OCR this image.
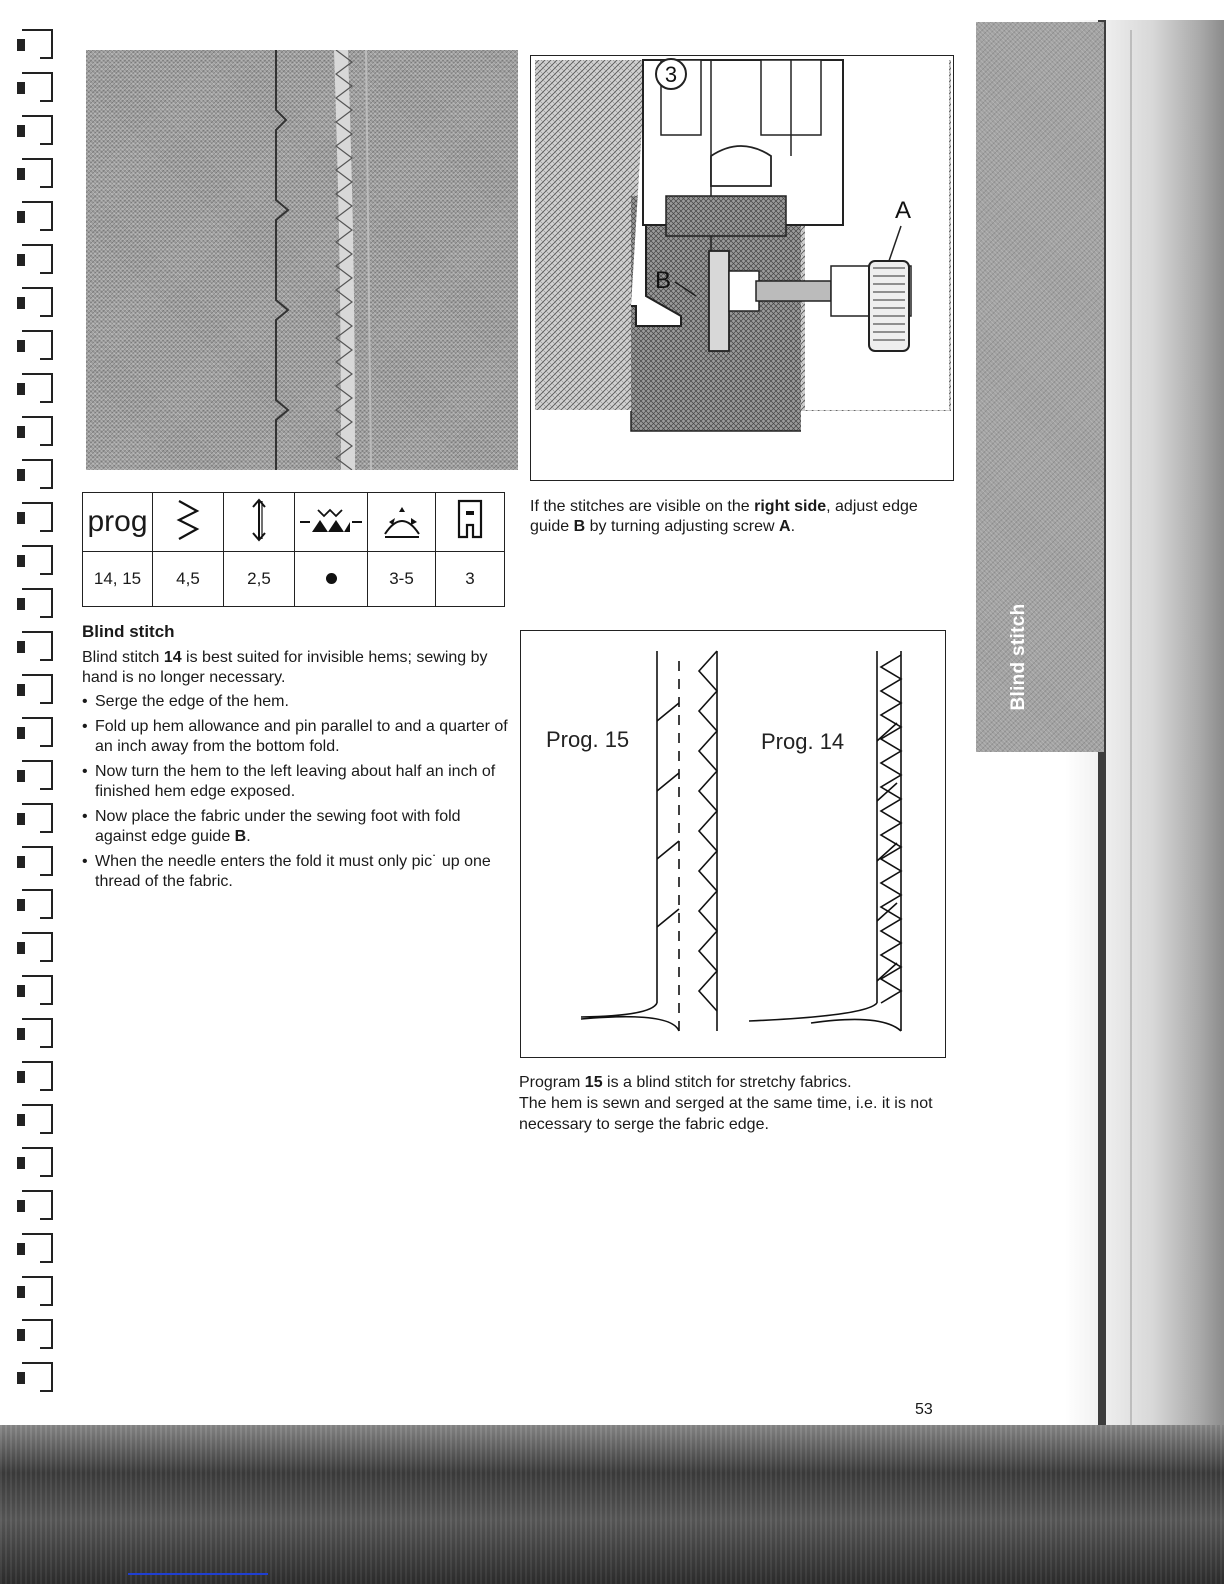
Blind stitch
prog					
14, 15	4,5	2,5		3-5	3
Blind stitch
Blind stitch 14 is best suited for invisible hems; sewing by hand is no longer necessary.
• Serge the edge of the hem.
• Fold up hem allowance and pin parallel to and a quarter of an inch away from the bottom fold.
• Now turn the hem to the left leaving about half an inch of finished hem edge exposed.
• Now place the fabric under the sewing foot with fold against edge guide B.
• When the needle enters the fold it must only pic˙ up one thread of the fabric.
3
A
B
If the stitches are visible on the right side, adjust edge guide B by turning adjusting screw A.
Prog. 15	Prog. 14
Program 15 is a blind stitch for stretchy fabrics.
The hem is sewn and serged at the same time, i.e. it is not necessary to serge the fabric edge.
53
